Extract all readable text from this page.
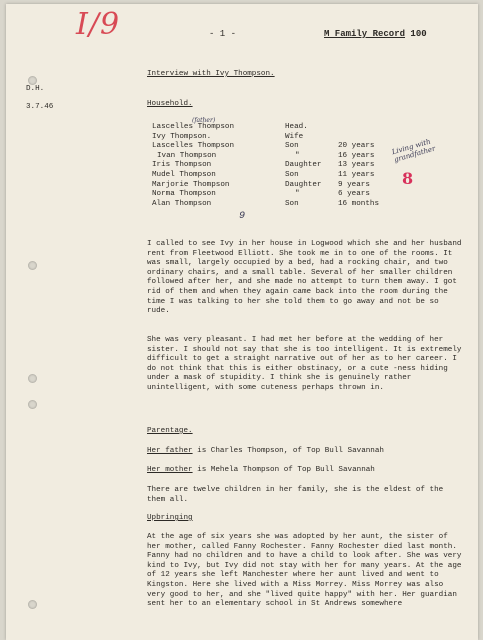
I/9	- 1 -	M Family Record 100
D.H.
3.7.46
Interview with Ivy Thompson.
Household.
(father)
Living with grandfather
8
9
Lascelles Thompson	Head.
Ivy Thompson.	Wife
Lascelles Thompson	Son	20 years
Ivan Thompson	"	16 years
Iris Thompson	Daughter 13 years
Mudel Thompson	Son	11 years
Marjorie Thompson	Daughter 9 years
Norma Thompson	"	6 years
Alan Thompson	Son	16 months
I called to see Ivy in her house in Logwood which she and her husband rent from Fleetwood Elliott. She took me in to one of the rooms. It was small, largely occupied by a bed, had a rocking chair, and two ordinary chairs, and a small table. Several of her smaller children followed after her, and she made no attempt to turn them away. I got rid of them and when they again came back into the room during the time I was talking to her she told them to go away and not be so rude.
She was very pleasant. I had met her before at the wedding of her sister. I should not say that she is too intelligent. It is extremely difficult to get a straight narrative out of her as to her career. I do not think that this is either obstinacy, or a cute -ness hiding under a mask of stupidity. I think she is genuinely rather unintelligent, with some cuteness perhaps thrown in.
Parentage.
Her father is Charles Thompson, of Top Bull Savannah
Her mother is Mehela Thompson of Top Bull Savannah
There are twelve children in her family, she is the eldest of the them all.
Upbringing
At the age of six years she was adopted by her aunt, the sister of her mother, called Fanny Rochester. Fanny Rochester died last month. Fanny had no children and to have a child to look after. She was very kind to Ivy, but Ivy did not stay with her for many years. At the age of 12 years she left Manchester where her aunt lived and went to Kingston. Here she lived with a Miss Morrey. Miss Morrey was also very good to her, and she "lived quite happy" with her. Her guardian sent her to an elementary school in St Andrews somewhere
